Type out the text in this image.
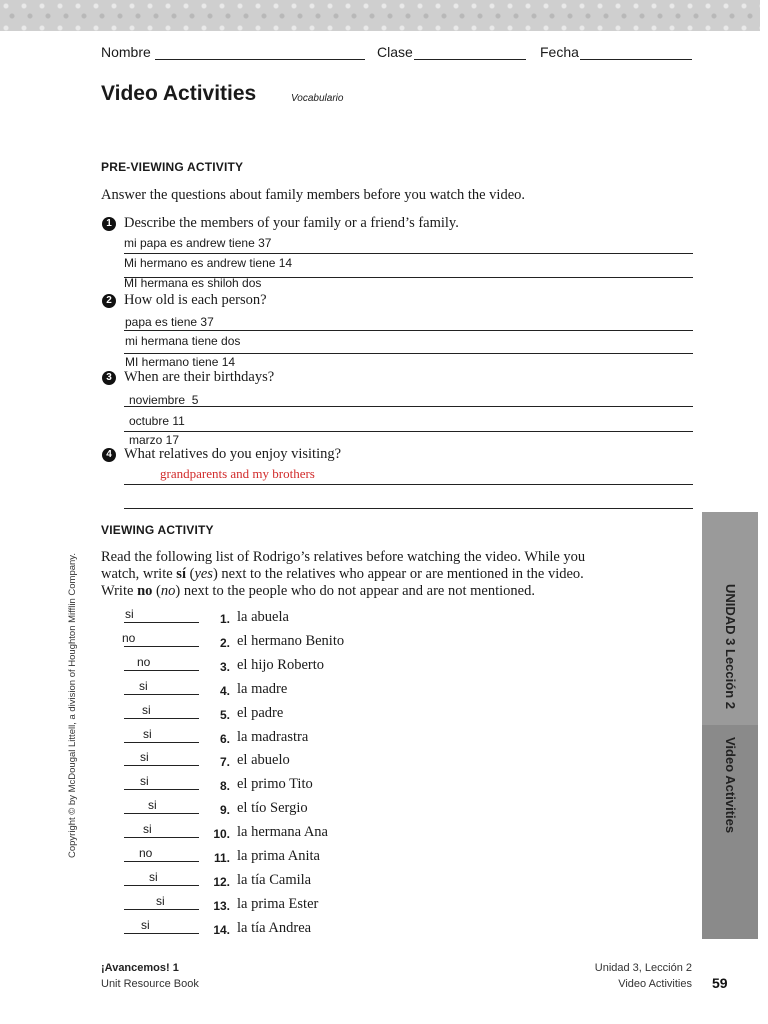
Nombre	Clase	Fecha
Video Activities	Vocabulario
PRE-VIEWING ACTIVITY
Answer the questions about family members before you watch the video.
1 Describe the members of your family or a friend’s family.
mi papa es andrew tiene 37
Mi hermano es andrew tiene 14
MI hermana es shiloh dos
2 How old is each person?
papa es tiene 37
mi hermana tiene dos
MI hermano tiene 14
3 When are their birthdays?
noviembre  5
octubre 11
marzo 17
4 What relatives do you enjoy visiting?
grandparents and my brothers
VIEWING ACTIVITY
Read the following list of Rodrigo’s relatives before watching the video. While you
watch, write sí (yes) next to the relatives who appear or are mentioned in the video.
Write no (no) next to the people who do not appear and are not mentioned.
si	1. la abuela
no	2. el hermano Benito
no	3. el hijo Roberto
si	4. la madre
si	5. el padre
si	6. la madrastra
si	7. el abuelo
si	8. el primo Tito
si	9. el tío Sergio
si	10. la hermana Ana
no	11. la prima Anita
si	12. la tía Camila
si	13. la prima Ester
si	14. la tía Andrea
UNIDAD 3 Lección 2
Video Activities
Copyright © by McDougal Littell, a division of Houghton Mifflin Company.
¡Avancemos! 1
Unit Resource Book
Unidad 3, Lección 2
Video Activities 59
